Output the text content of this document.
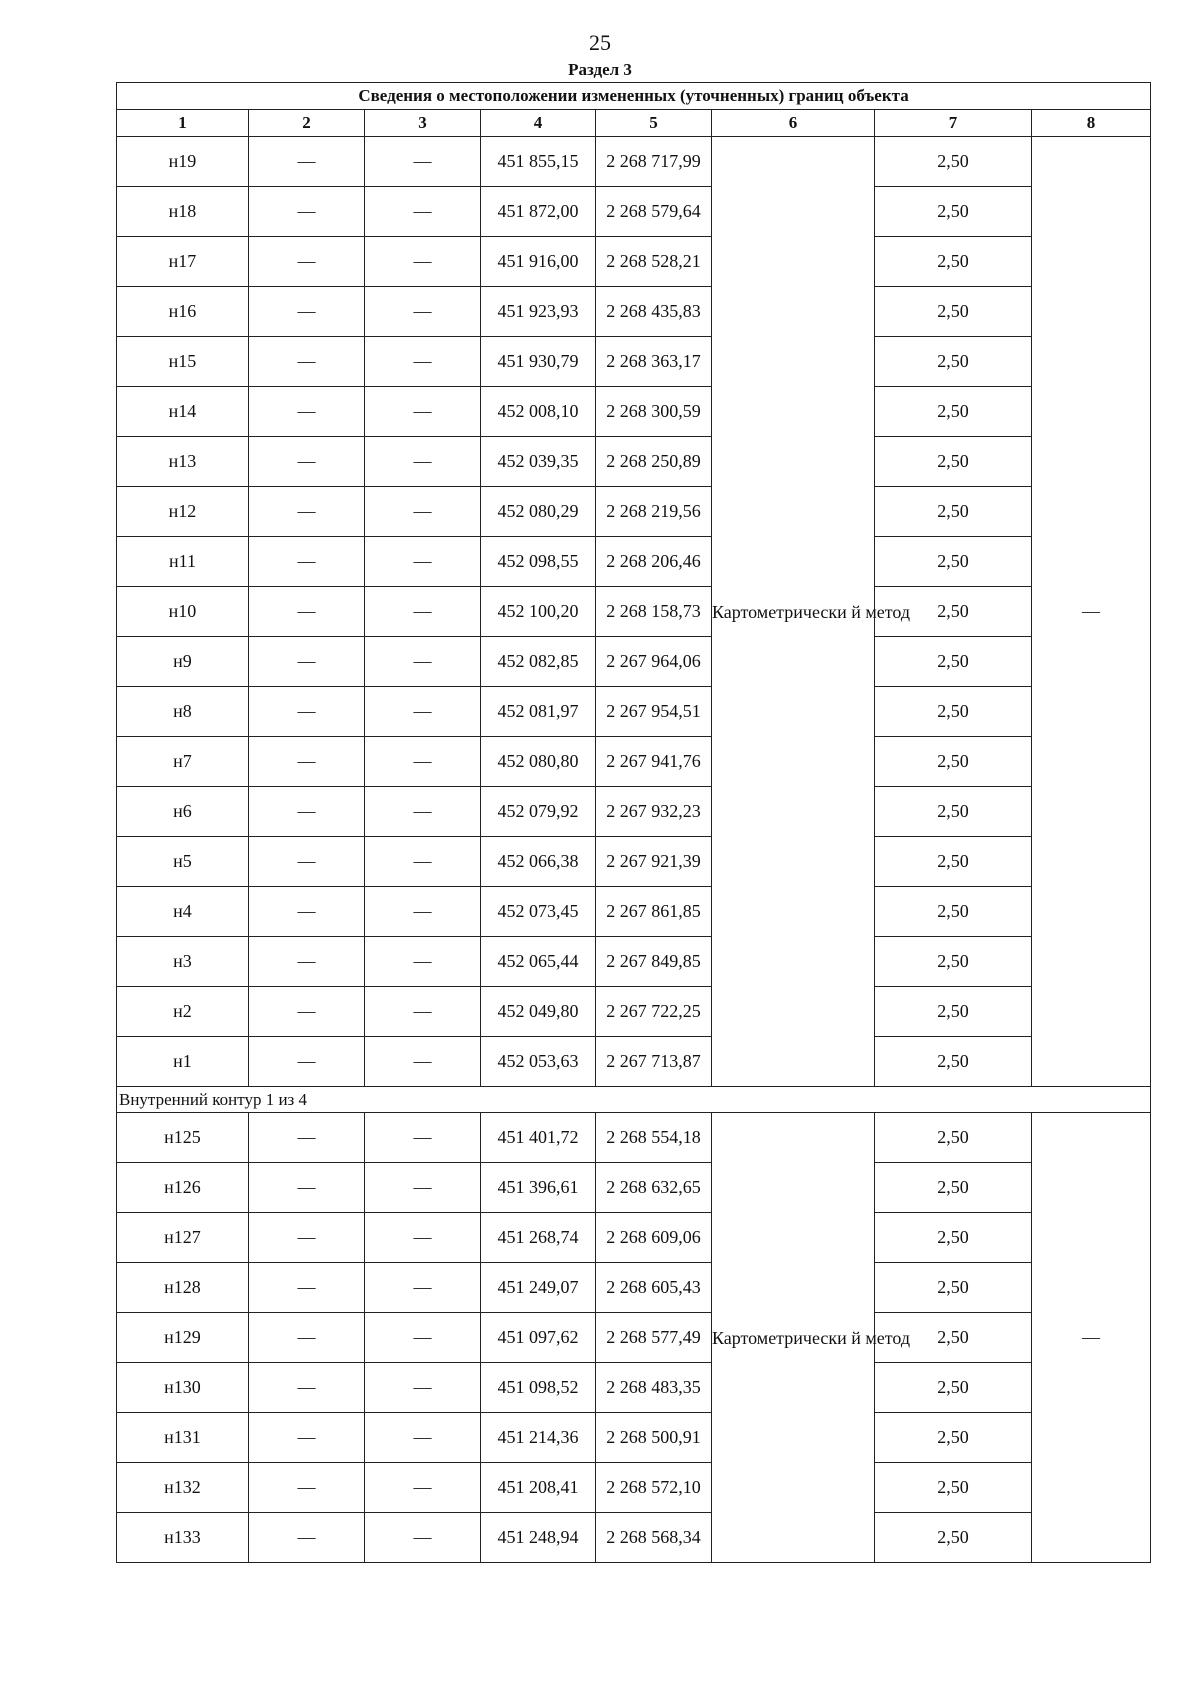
25
Раздел 3
Сведения о местоположении измененных (уточненных) границ объекта							
1	2	3	4	5	6	7	8
н19	—	—	451 855,15	2 268 717,99	Картометрически й метод	2,50	—
н18	—	—	451 872,00	2 268 579,64		2,50	
н17	—	—	451 916,00	2 268 528,21		2,50	
н16	—	—	451 923,93	2 268 435,83		2,50	
н15	—	—	451 930,79	2 268 363,17		2,50	
н14	—	—	452 008,10	2 268 300,59		2,50	
н13	—	—	452 039,35	2 268 250,89		2,50	
н12	—	—	452 080,29	2 268 219,56		2,50	
н11	—	—	452 098,55	2 268 206,46		2,50	
н10	—	—	452 100,20	2 268 158,73		2,50	
н9	—	—	452 082,85	2 267 964,06		2,50	
н8	—	—	452 081,97	2 267 954,51		2,50	
н7	—	—	452 080,80	2 267 941,76		2,50	
н6	—	—	452 079,92	2 267 932,23		2,50	
н5	—	—	452 066,38	2 267 921,39		2,50	
н4	—	—	452 073,45	2 267 861,85		2,50	
н3	—	—	452 065,44	2 267 849,85		2,50	
н2	—	—	452 049,80	2 267 722,25		2,50	
н1	—	—	452 053,63	2 267 713,87		2,50	
Внутренний контур 1 из 4							
н125	—	—	451 401,72	2 268 554,18	Картометрически й метод	2,50	—
н126	—	—	451 396,61	2 268 632,65		2,50	
н127	—	—	451 268,74	2 268 609,06		2,50	
н128	—	—	451 249,07	2 268 605,43		2,50	
н129	—	—	451 097,62	2 268 577,49		2,50	
н130	—	—	451 098,52	2 268 483,35		2,50	
н131	—	—	451 214,36	2 268 500,91		2,50	
н132	—	—	451 208,41	2 268 572,10		2,50	
н133	—	—	451 248,94	2 268 568,34		2,50	
